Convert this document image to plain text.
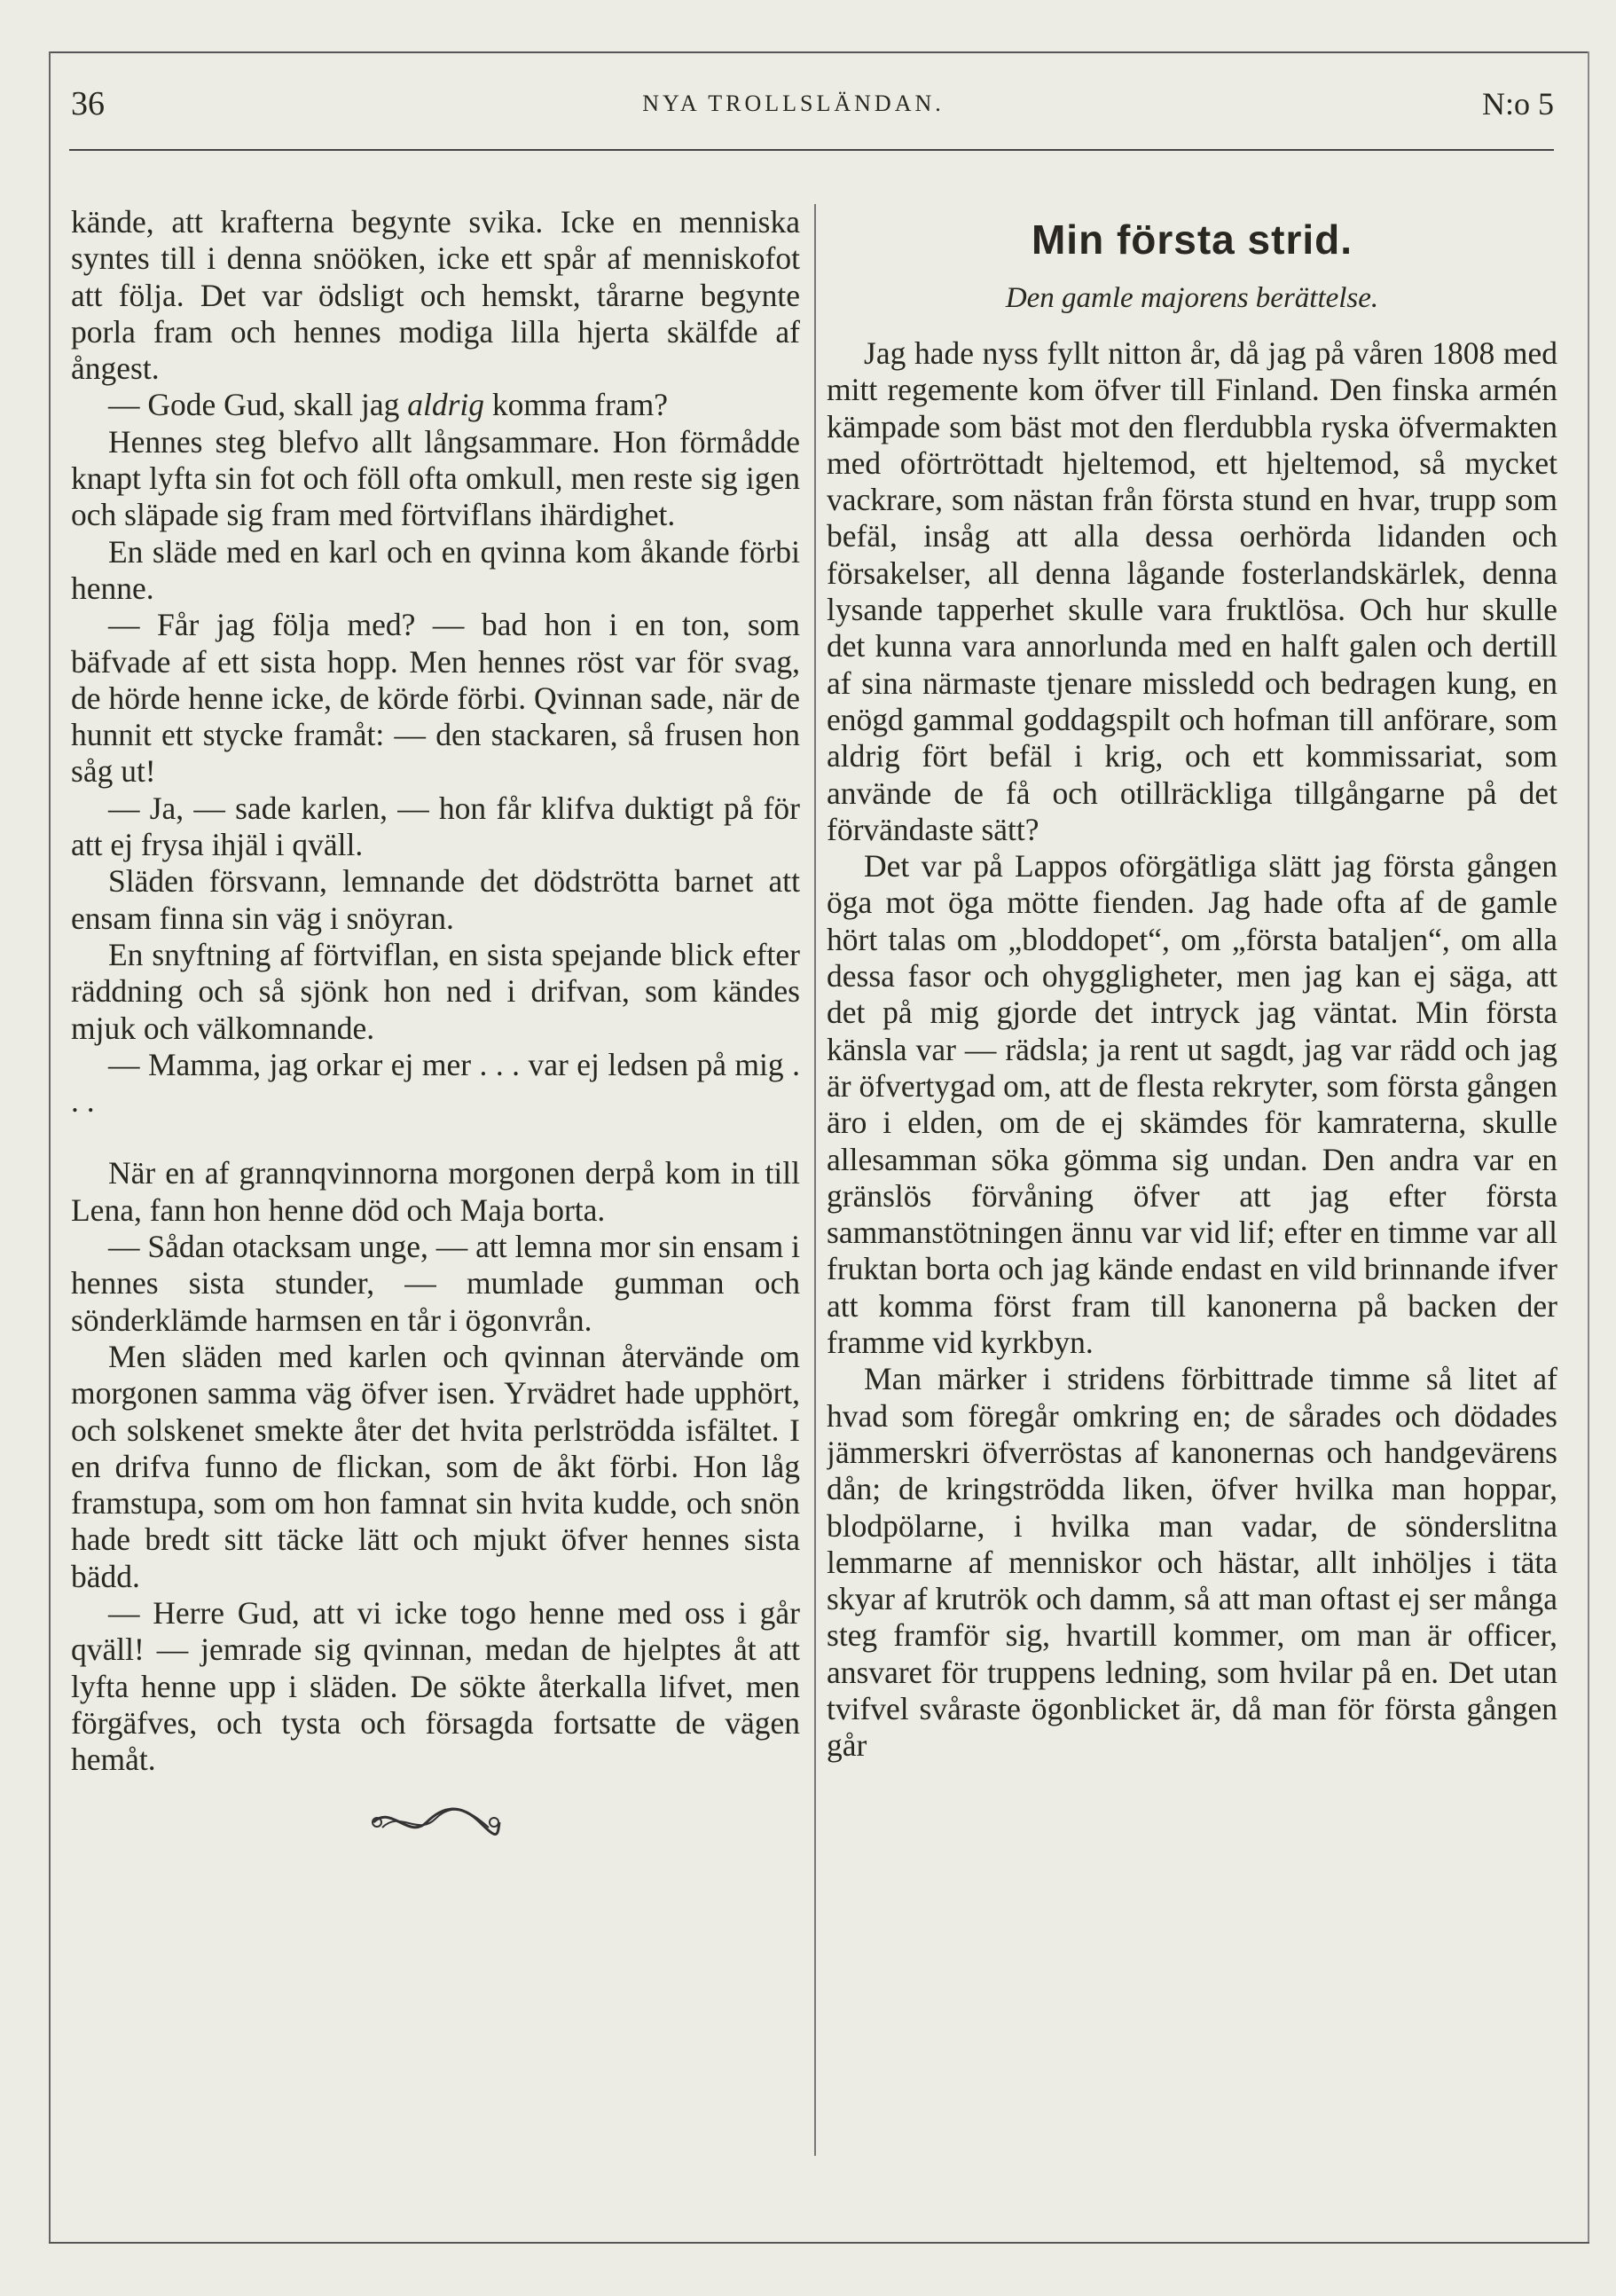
36	NYA TROLLSLÄNDAN.	N:o 5

kände, att krafterna begynte svika. Icke en menniska syntes till i denna snööken, icke ett spår af menniskofot att följa. Det var ödsligt och hemskt, tårarne begynte porla fram och hennes modiga lilla hjerta skälfde af ångest.

— Gode Gud, skall jag aldrig komma fram?

Hennes steg blefvo allt långsammare. Hon förmådde knapt lyfta sin fot och föll ofta omkull, men reste sig igen och släpade sig fram med förtviflans ihärdighet.

En släde med en karl och en qvinna kom åkande förbi henne.

— Får jag följa med? — bad hon i en ton, som bäfvade af ett sista hopp. Men hennes röst var för svag, de hörde henne icke, de körde förbi. Qvinnan sade, när de hunnit ett stycke framåt: — den stackaren, så frusen hon såg ut!

— Ja, — sade karlen, — hon får klifva duktigt på för att ej frysa ihjäl i qväll.

Släden försvann, lemnande det dödströtta barnet att ensam finna sin väg i snöyran.

En snyftning af förtviflan, en sista spejande blick efter räddning och så sjönk hon ned i drifvan, som kändes mjuk och välkomnande.

— Mamma, jag orkar ej mer . . . var ej ledsen på mig . . .

När en af grannqvinnorna morgonen derpå kom in till Lena, fann hon henne död och Maja borta.

— Sådan otacksam unge, — att lemna mor sin ensam i hennes sista stunder, — mumlade gumman och sönderklämde harmsen en tår i ögonvrån.

Men släden med karlen och qvinnan återvände om morgonen samma väg öfver isen. Yrvädret hade upphört, och solskenet smekte åter det hvita perlströdda isfältet. I en drifva funno de flickan, som de åkt förbi. Hon låg framstupa, som om hon famnat sin hvita kudde, och snön hade bredt sitt täcke lätt och mjukt öfver hennes sista bädd.

— Herre Gud, att vi icke togo henne med oss i går qväll! — jemrade sig qvinnan, medan de hjelptes åt att lyfta henne upp i släden. De sökte återkalla lifvet, men förgäfves, och tysta och försagda fortsatte de vägen hemåt.

Min första strid.
Den gamle majorens berättelse.

Jag hade nyss fyllt nitton år, då jag på våren 1808 med mitt regemente kom öfver till Finland. Den finska armén kämpade som bäst mot den flerdubbla ryska öfvermakten med oförtröttadt hjeltemod, ett hjeltemod, så mycket vackrare, som nästan från första stund en hvar, trupp som befäl, insåg att alla dessa oerhörda lidanden och försakelser, all denna lågande fosterlandskärlek, denna lysande tapperhet skulle vara fruktlösa. Och hur skulle det kunna vara annorlunda med en halft galen och dertill af sina närmaste tjenare missledd och bedragen kung, en enögd gammal goddagspilt och hofman till anförare, som aldrig fört befäl i krig, och ett kommissariat, som använde de få och otillräckliga tillgångarne på det förvändaste sätt?

Det var på Lappos oförgätliga slätt jag första gången öga mot öga mötte fienden. Jag hade ofta af de gamle hört talas om „bloddopet“, om „första bataljen“, om alla dessa fasor och ohyggligheter, men jag kan ej säga, att det på mig gjorde det intryck jag väntat. Min första känsla var — rädsla; ja rent ut sagdt, jag var rädd och jag är öfvertygad om, att de flesta rekryter, som första gången äro i elden, om de ej skämdes för kamraterna, skulle allesamman söka gömma sig undan. Den andra var en gränslös förvåning öfver att jag efter första sammanstötningen ännu var vid lif; efter en timme var all fruktan borta och jag kände endast en vild brinnande ifver att komma först fram till kanonerna på backen der framme vid kyrkbyn.

Man märker i stridens förbittrade timme så litet af hvad som föregår omkring en; de sårades och dödades jämmerskri öfverröstas af kanonernas och handgevärens dån; de kringströdda liken, öfver hvilka man hoppar, blodpölarne, i hvilka man vadar, de sönderslitna lemmarne af menniskor och hästar, allt inhöljes i täta skyar af krutrök och damm, så att man oftast ej ser många steg framför sig, hvartill kommer, om man är officer, ansvaret för truppens ledning, som hvilar på en. Det utan tvifvel svåraste ögonblicket är, då man för första gången går
